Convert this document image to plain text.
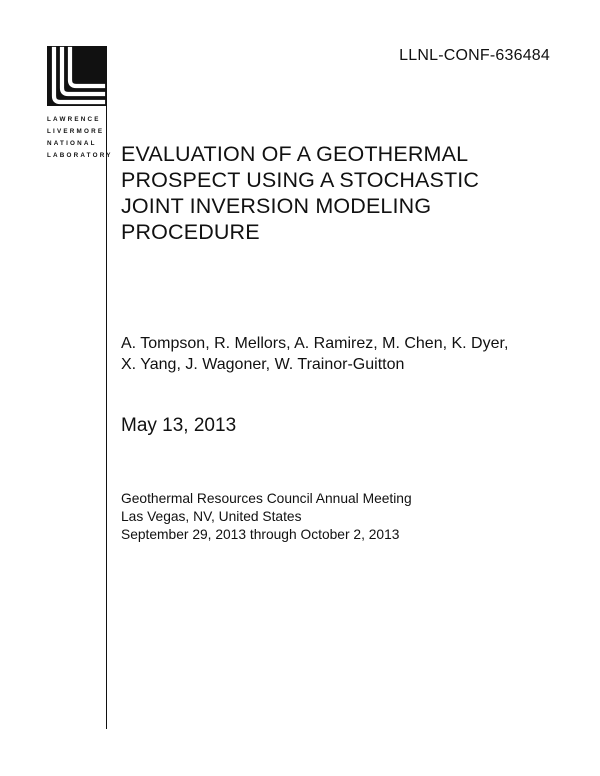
LLNL-CONF-636484
LAWRENCE
LIVERMORE
NATIONAL
LABORATORY EVALUATION OF A GEOTHERMAL
PROSPECT USING A STOCHASTIC
JOINT INVERSION MODELING
PROCEDURE

A. Tompson, R. Mellors, A. Ramirez, M. Chen, K. Dyer,
X. Yang, J. Wagoner, W. Trainor-Guitton

May 13, 2013

Geothermal Resources Council Annual Meeting
Las Vegas, NV, United States
September 29, 2013 through October 2, 2013
